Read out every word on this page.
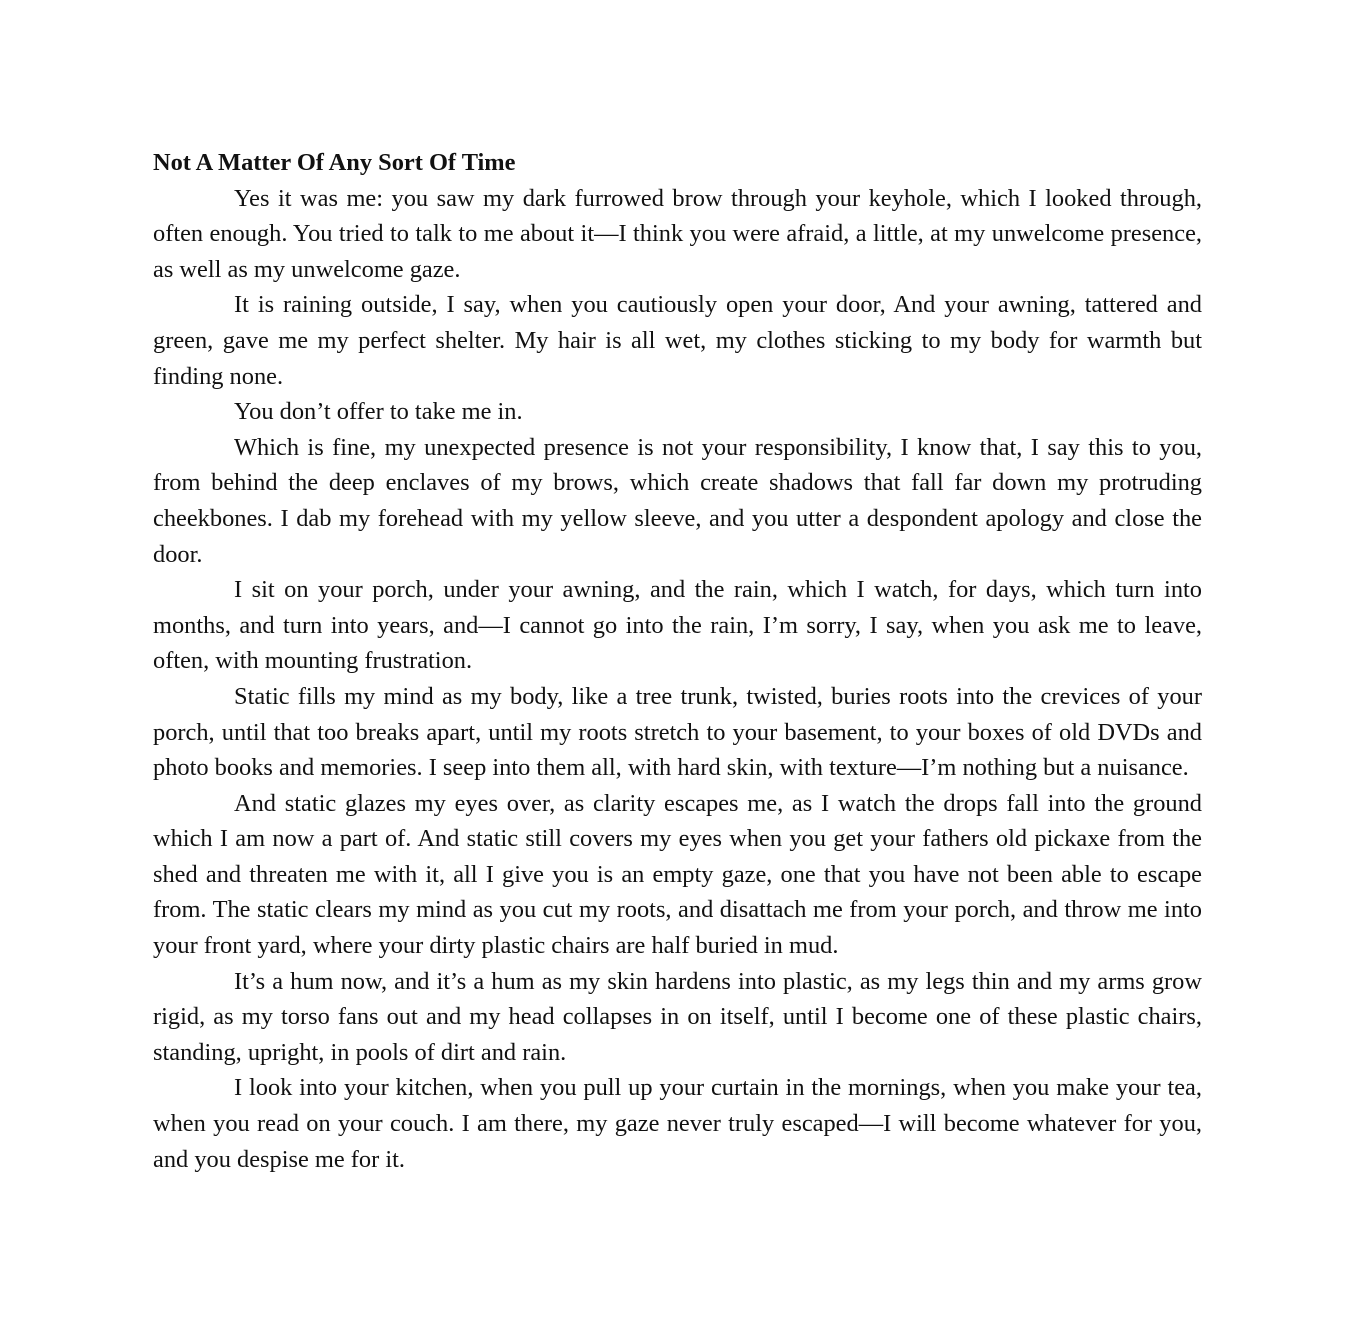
Not A Matter Of Any Sort Of Time

Yes it was me: you saw my dark furrowed brow through your keyhole, which I looked through, often enough. You tried to talk to me about it—I think you were afraid, a little, at my unwelcome presence, as well as my unwelcome gaze.

It is raining outside, I say, when you cautiously open your door, And your awning, tattered and green, gave me my perfect shelter. My hair is all wet, my clothes sticking to my body for warmth but finding none.

You don’t offer to take me in.

Which is fine, my unexpected presence is not your responsibility, I know that, I say this to you, from behind the deep enclaves of my brows, which create shadows that fall far down my protruding cheekbones. I dab my forehead with my yellow sleeve, and you utter a despondent apology and close the door.

I sit on your porch, under your awning, and the rain, which I watch, for days, which turn into months, and turn into years, and—I cannot go into the rain, I’m sorry, I say, when you ask me to leave, often, with mounting frustration.

Static fills my mind as my body, like a tree trunk, twisted, buries roots into the crevices of your porch, until that too breaks apart, until my roots stretch to your basement, to your boxes of old DVDs and photo books and memories. I seep into them all, with hard skin, with texture—I’m nothing but a nuisance.

And static glazes my eyes over, as clarity escapes me, as I watch the drops fall into the ground which I am now a part of. And static still covers my eyes when you get your fathers old pickaxe from the shed and threaten me with it, all I give you is an empty gaze, one that you have not been able to escape from. The static clears my mind as you cut my roots, and disattach me from your porch, and throw me into your front yard, where your dirty plastic chairs are half buried in mud.

It’s a hum now, and it’s a hum as my skin hardens into plastic, as my legs thin and my arms grow rigid, as my torso fans out and my head collapses in on itself, until I become one of these plastic chairs, standing, upright, in pools of dirt and rain.

I look into your kitchen, when you pull up your curtain in the mornings, when you make your tea, when you read on your couch. I am there, my gaze never truly escaped—I will become whatever for you, and you despise me for it.
